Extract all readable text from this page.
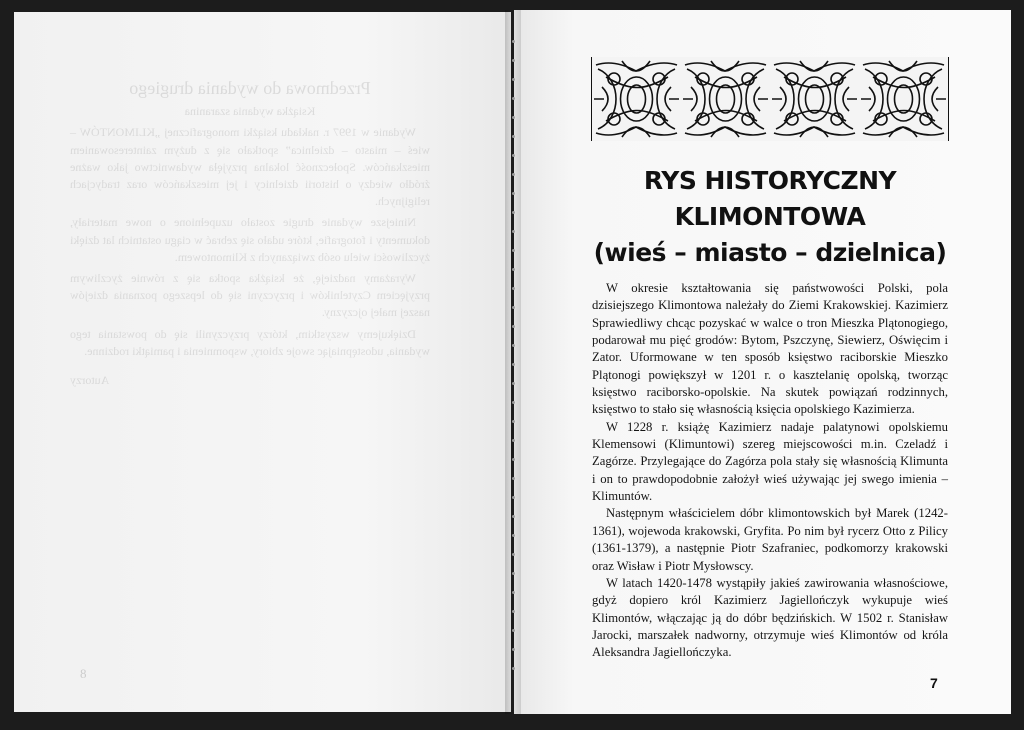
Przedmowa do wydania drugiego
Książka wydania szaranina

Wydanie w 1997 r. nakładu książki monograficznej „KLIMONTÓW – wieś – miasto – dzielnica” spotkało się z dużym zainteresowaniem mieszkańców. Społeczność lokalna przyjęła wydawnictwo jako ważne źródło wiedzy o historii dzielnicy i jej mieszkańców oraz tradycjach religijnych.

Niniejsze wydanie drugie zostało uzupełnione o nowe materiały, dokumenty i fotografie, które udało się zebrać w ciągu ostatnich lat dzięki życzliwości wielu osób związanych z Klimontowem.

Wyrażamy nadzieję, że książka spotka się z równie życzliwym przyjęciem Czytelników i przyczyni się do lepszego poznania dziejów naszej małej ojczyzny.

Dziękujemy wszystkim, którzy przyczynili się do powstania tego wydania, udostępniając swoje zbiory, wspomnienia i pamiątki rodzinne.

Autorzy
8
RYS HISTORYCZNY
KLIMONTOWA
(wieś – miasto – dzielnica)

W okresie kształtowania się państwowości Polski, pola dzisiejszego Klimontowa należały do Ziemi Krakowskiej. Kazimierz Sprawiedliwy chcąc pozyskać w walce o tron Mieszka Plątonogiego, podarował mu pięć grodów: Bytom, Pszczynę, Siewierz, Oświęcim i Zator. Uformowane w ten sposób księstwo raciborskie Mieszko Plątonogi powiększył w 1201 r. o kasztelanię opolską, tworząc księstwo raciborsko-opolskie. Na skutek powiązań rodzinnych, księstwo to stało się własnością księcia opolskiego Kazimierza.

W 1228 r. książę Kazimierz nadaje palatynowi opolskiemu Klemensowi (Klimuntowi) szereg miejscowości m.in. Czeladź i Zagórze. Przylegające do Zagórza pola stały się własnością Klimunta i on to prawdopodobnie założył wieś używając jej swego imienia – Klimuntów.

Następnym właścicielem dóbr klimontowskich był Marek (1242-1361), wojewoda krakowski, Gryfita. Po nim był rycerz Otto z Pilicy (1361-1379), a następnie Piotr Szafraniec, podkomorzy krakowski oraz Wisław i Piotr Mysłowscy.

W latach 1420-1478 wystąpiły jakieś zawirowania własnościowe, gdyż dopiero król Kazimierz Jagiellończyk wykupuje wieś Klimontów, włączając ją do dóbr będzińskich. W 1502 r. Stanisław Jarocki, marszałek nadworny, otrzymuje wieś Klimontów od króla Aleksandra Jagiellończyka.

7
